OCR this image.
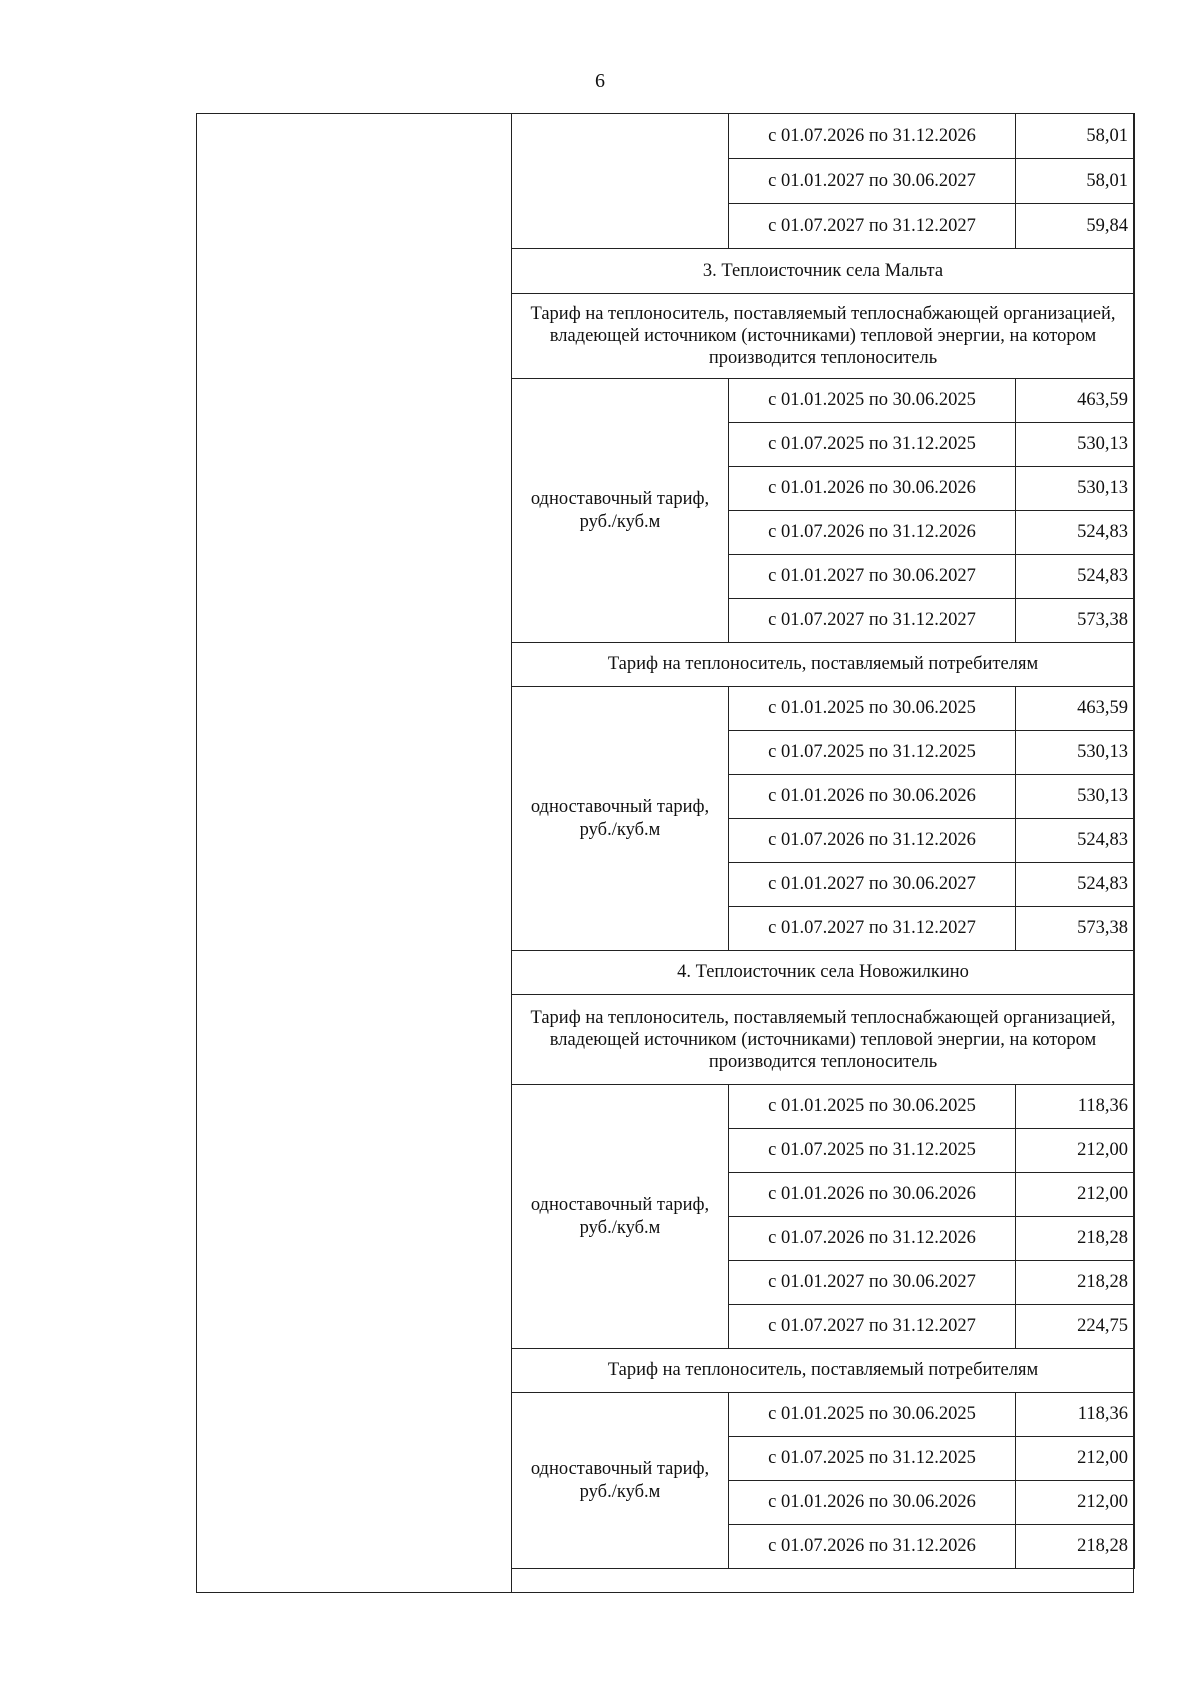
6
	с 01.07.2026 по 31.12.2026	58,01
	с 01.01.2027 по 30.06.2027	58,01
	с 01.07.2027 по 31.12.2027	59,84
3. Теплоисточник села Мальта		
Тариф на теплоноситель, поставляемый теплоснабжающей организацией, владеющей источником (источниками) тепловой энергии, на котором производится теплоноситель		
одноставочный тариф, руб./куб.м	с 01.01.2025 по 30.06.2025	463,59
	с 01.07.2025 по 31.12.2025	530,13
	с 01.01.2026 по 30.06.2026	530,13
	с 01.07.2026 по 31.12.2026	524,83
	с 01.01.2027 по 30.06.2027	524,83
	с 01.07.2027 по 31.12.2027	573,38
Тариф на теплоноситель, поставляемый потребителям		
одноставочный тариф, руб./куб.м	с 01.01.2025 по 30.06.2025	463,59
	с 01.07.2025 по 31.12.2025	530,13
	с 01.01.2026 по 30.06.2026	530,13
	с 01.07.2026 по 31.12.2026	524,83
	с 01.01.2027 по 30.06.2027	524,83
	с 01.07.2027 по 31.12.2027	573,38
4. Теплоисточник села Новожилкино		
Тариф на теплоноситель, поставляемый теплоснабжающей организацией, владеющей источником (источниками) тепловой энергии, на котором производится теплоноситель		
одноставочный тариф, руб./куб.м	с 01.01.2025 по 30.06.2025	118,36
	с 01.07.2025 по 31.12.2025	212,00
	с 01.01.2026 по 30.06.2026	212,00
	с 01.07.2026 по 31.12.2026	218,28
	с 01.01.2027 по 30.06.2027	218,28
	с 01.07.2027 по 31.12.2027	224,75
Тариф на теплоноситель, поставляемый потребителям		
одноставочный тариф, руб./куб.м	с 01.01.2025 по 30.06.2025	118,36
	с 01.07.2025 по 31.12.2025	212,00
	с 01.01.2026 по 30.06.2026	212,00
	с 01.07.2026 по 31.12.2026	218,28
